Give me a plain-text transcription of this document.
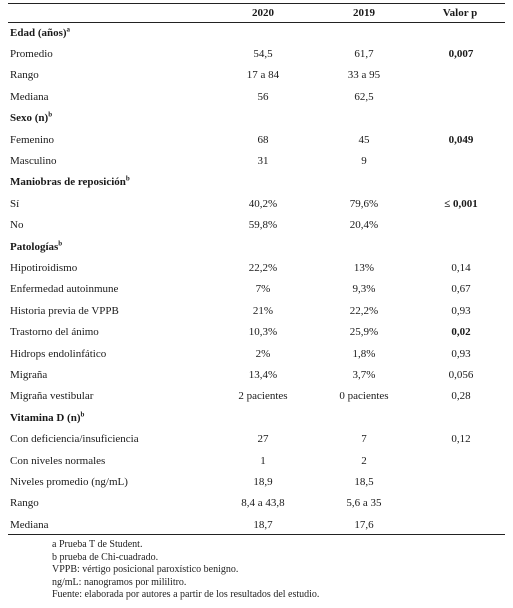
	2020	2019	Valor p
Edad (años)$^a$			
Promedio	54,5	61,7	0,007
Rango	17 a 84	33 a 95	
Mediana	56	62,5	
Sexo $(n)^b$			
Femenino	68	45	0,049
Masculino	31	9	
Maniobras de reposición$^b$			
Sí	40,2%	79,6%	≤ 0,001
No	59,8%	20,4%	
Patologías$^b$			
Hipotiroidismo	22,2%	13%	0,14
Enfermedad autoinmune	7%	9,3%	0,67
Historia previa de VPPB	21%	22,2%	0,93
Trastorno del ánimo	10,3%	25,9%	0,02
Hidrops endolinfático	2%	1,8%	0,93
Migraña	13,4%	3,7%	0,056
Migraña vestibular	2 pacientes	0 pacientes	0,28
Vitamina D $(n)^b$			
Con deficiencia/insuficiencia	27	7	0,12
Con niveles normales	1	2	
Niveles promedio (ng/mL)	18,9	18,5	
Rango	8,4 a 43,8	5,6 a 35	
Mediana	18,7	17,6	
a Prueba T de Student.
b prueba de Chi-cuadrado.
VPPB: vértigo posicional paroxístico benigno.
ng/mL: nanogramos por mililitro.
Fuente: elaborada por autores a partir de los resultados del estudio.
